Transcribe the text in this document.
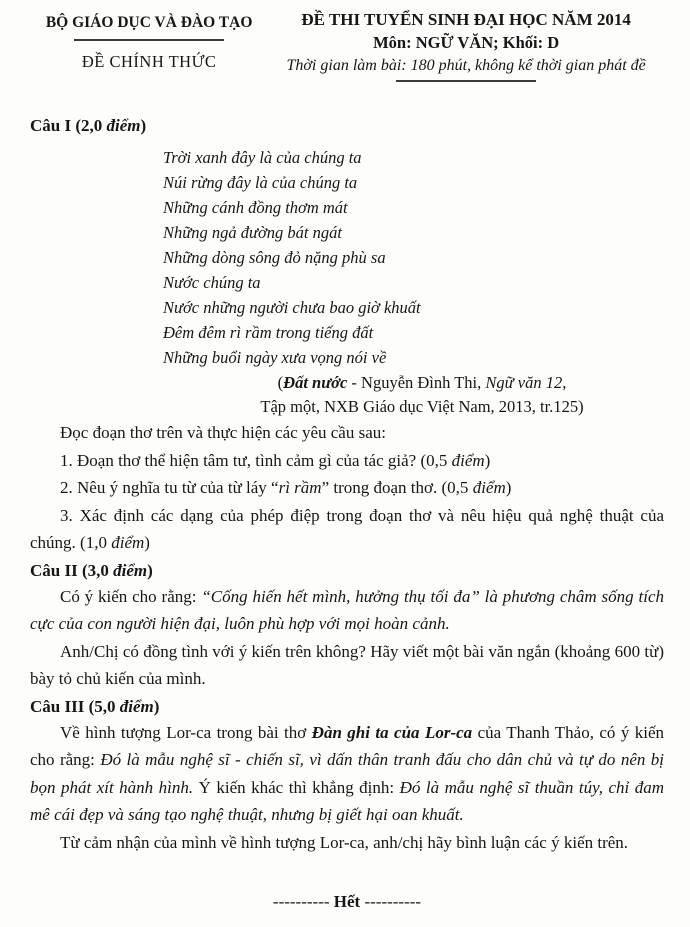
BỘ GIÁO DỤC VÀ ĐÀO TẠO
ĐỀ CHÍNH THỨC
ĐỀ THI TUYỂN SINH ĐẠI HỌC NĂM 2014
Môn: NGỮ VĂN; Khối: D
Thời gian làm bài: 180 phút, không kể thời gian phát đề
Câu I (2,0 điểm)
Trời xanh đây là của chúng ta
Núi rừng đây là của chúng ta
Những cánh đồng thơm mát
Những ngả đường bát ngát
Những dòng sông đỏ nặng phù sa
Nước chúng ta
Nước những người chưa bao giờ khuất
Đêm đêm rì rầm trong tiếng đất
Những buổi ngày xưa vọng nói về
(Đất nước - Nguyễn Đình Thi, Ngữ văn 12,
Tập một, NXB Giáo dục Việt Nam, 2013, tr.125)

Đọc đoạn thơ trên và thực hiện các yêu cầu sau:

1. Đoạn thơ thể hiện tâm tư, tình cảm gì của tác giả? (0,5 điểm)

2. Nêu ý nghĩa tu từ của từ láy “rì rầm” trong đoạn thơ. (0,5 điểm)

3. Xác định các dạng của phép điệp trong đoạn thơ và nêu hiệu quả nghệ thuật của chúng. (1,0 điểm)

Câu II (3,0 điểm)

Có ý kiến cho rằng: “Cống hiến hết mình, hưởng thụ tối đa” là phương châm sống tích cực của con người hiện đại, luôn phù hợp với mọi hoàn cảnh.

Anh/Chị có đồng tình với ý kiến trên không? Hãy viết một bài văn ngắn (khoảng 600 từ) bày tỏ chủ kiến của mình.

Câu III (5,0 điểm)

Về hình tượng Lor-ca trong bài thơ Đàn ghi ta của Lor-ca của Thanh Thảo, có ý kiến cho rằng: Đó là mẫu nghệ sĩ - chiến sĩ, vì dấn thân tranh đấu cho dân chủ và tự do nên bị bọn phát xít hành hình. Ý kiến khác thì khẳng định: Đó là mẫu nghệ sĩ thuần túy, chỉ đam mê cái đẹp và sáng tạo nghệ thuật, nhưng bị giết hại oan khuất.

Từ cảm nhận của mình về hình tượng Lor-ca, anh/chị hãy bình luận các ý kiến trên.

---------- Hết ----------
